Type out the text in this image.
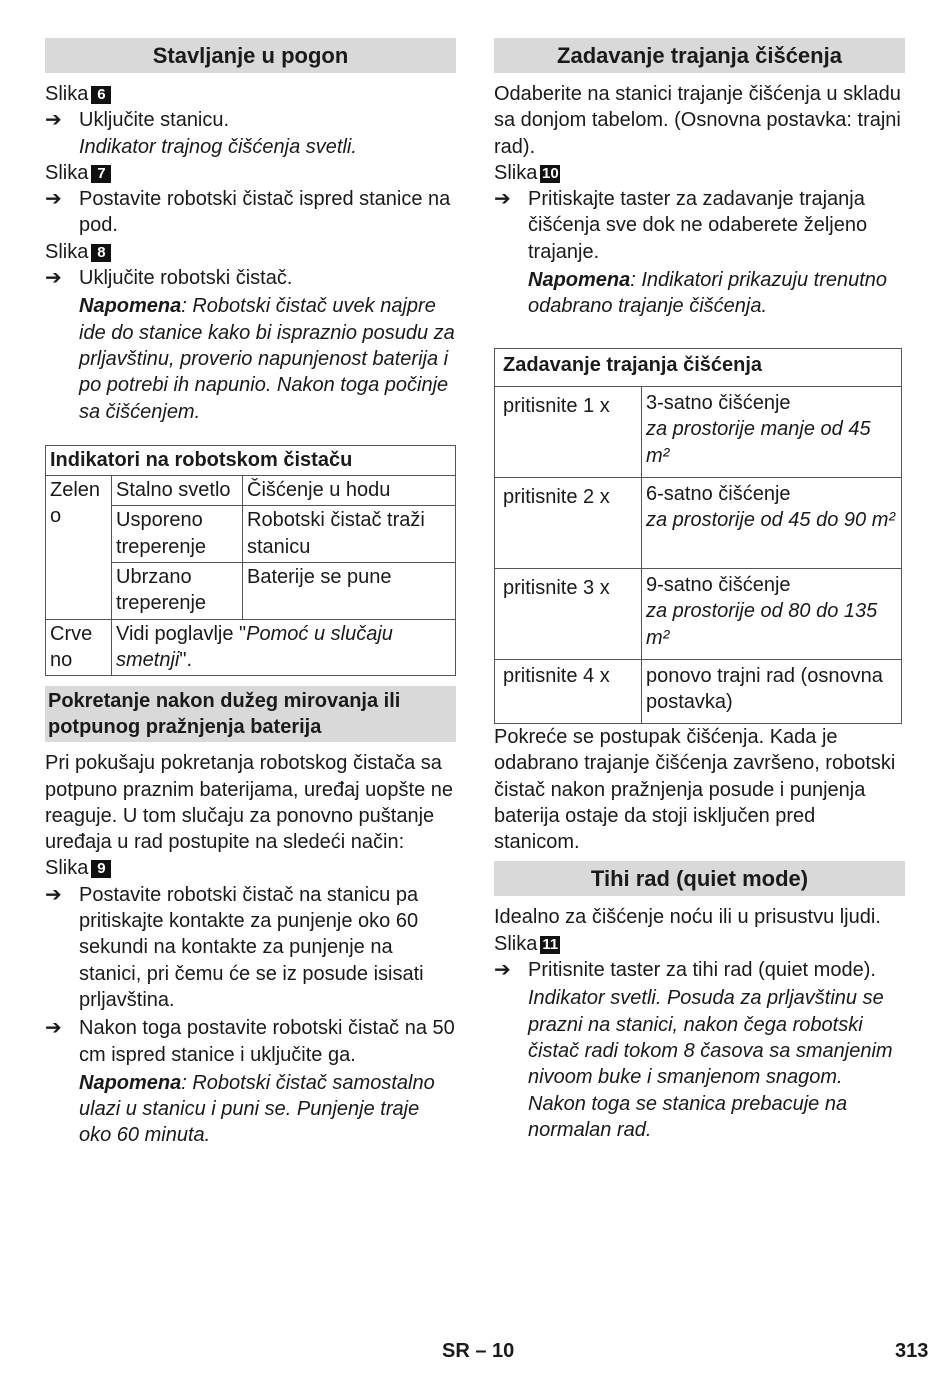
Stavljanje u pogon

Slika 6

➔ Uključite stanicu.

Indikator trajnog čišćenja svetli.

Slika 7

➔ Postavite robotski čistač ispred stanice na pod.

Slika 8

➔ Uključite robotski čistač.

Napomena: Robotski čistač uvek najpre ide do stanice kako bi ispraznio posudu za prljavštinu, proverio napunjenost baterija i po potrebi ih napunio. Nakon toga počinje sa čišćenjem.

Indikatori na robotskom čistaču		
Zelen o	Stalno svetlo	Čišćenje u hodu
	Usporeno treperenje	Robotski čistač traži stanicu
	Ubrzano treperenje	Baterije se pune
Crve no	Vidi poglavlje "Pomoć u slučaju smetnji".	
Pokretanje nakon dužeg mirovanja ili potpunog pražnjenja baterija

Pri pokušaju pokretanja robotskog čistača sa potpuno praznim baterijama, uređaj uopšte ne reaguje. U tom slučaju za ponovno puštanje uređaja u rad postupite na sledeći način:

Slika 9

➔ Postavite robotski čistač na stanicu pa pritiskajte kontakte za punjenje oko 60 sekundi na kontakte za punjenje na stanici, pri čemu će se iz posude isisati prljavština.
➔ Nakon toga postavite robotski čistač na 50 cm ispred stanice i uključite ga.

Napomena: Robotski čistač samostalno ulazi u stanicu i puni se. Punjenje traje oko 60 minuta.

Zadavanje trajanja čišćenja

Odaberite na stanici trajanje čišćenja u skladu sa donjom tabelom. (Osnovna postavka: trajni rad).

Slika 10

➔ Pritiskajte taster za zadavanje trajanja čišćenja sve dok ne odaberete željeno trajanje.

Napomena: Indikatori prikazuju trenutno odabrano trajanje čišćenja.

Zadavanje trajanja čišćenja	
pritisnite 1 x	3-satno čišćenje
za prostorije manje od 45 m²

pritisnite 2 x	6-satno čišćenje
za prostorije od 45 do 90 m²

pritisnite 3 x	9-satno čišćenje
za prostorije od 80 do 135 m²

pritisnite 4 x	ponovo trajni rad (osnovna postavka)

Pokreće se postupak čišćenja. Kada je odabrano trajanje čišćenja završeno, robotski čistač nakon pražnjenja posude i punjenja baterija ostaje da stoji isključen pred stanicom.

Tihi rad (quiet mode)

Idealno za čišćenje noću ili u prisustvu ljudi.

Slika 11

➔ Pritisnite taster za tihi rad (quiet mode).

Indikator svetli. Posuda za prljavštinu se prazni na stanici, nakon čega robotski čistač radi tokom 8 časova sa smanjenim nivoom buke i smanjenom snagom. Nakon toga se stanica prebacuje na normalan rad.

SR – 10	313
